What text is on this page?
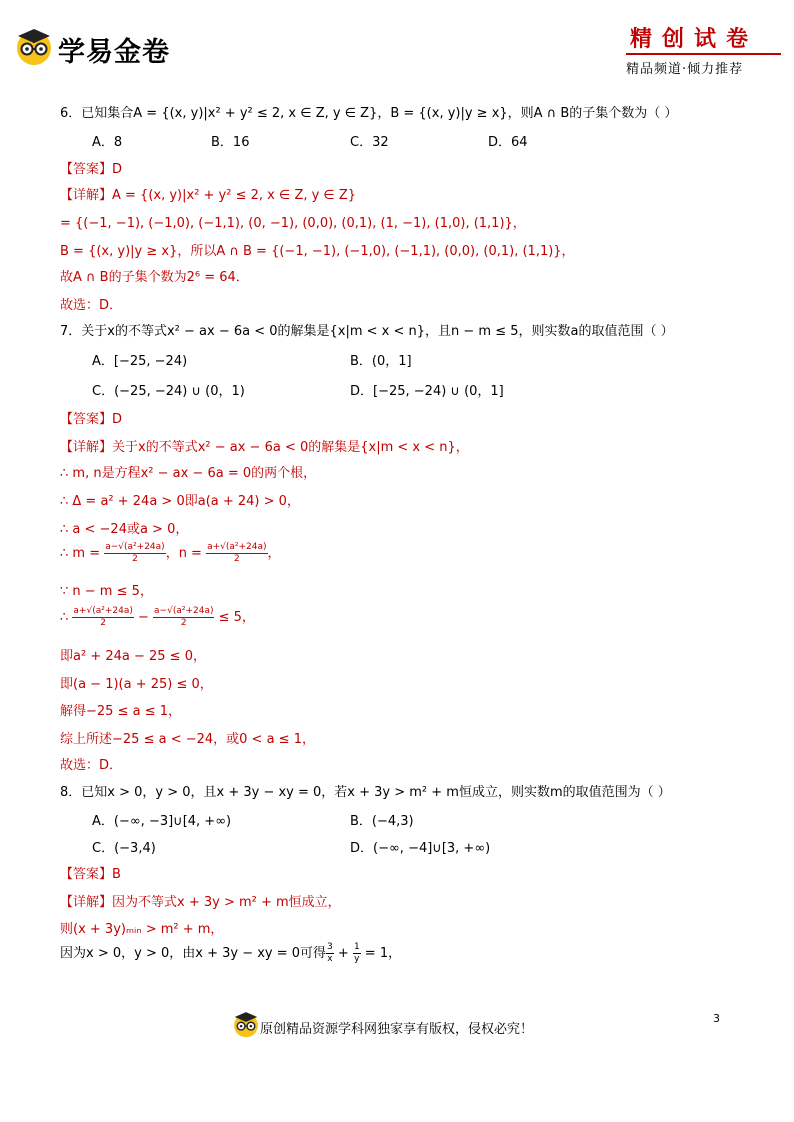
学易金卷	精创试卷
精品频道·倾力推荐
6．已知集合A = {(x, y)|x² + y² ≤ 2, x ∈ Z, y ∈ Z}，B = {(x, y)|y ≥ x}，则A ∩ B的子集个数为（ ）
A．8	B．16	C．32	D．64
【答案】D
【详解】A = {(x, y)|x² + y² ≤ 2, x ∈ Z, y ∈ Z}
= {(−1, −1), (−1,0), (−1,1), (0, −1), (0,0), (0,1), (1, −1), (1,0), (1,1)}，
B = {(x, y)|y ≥ x}，所以A ∩ B = {(−1, −1), (−1,0), (−1,1), (0,0), (0,1), (1,1)}，
故A ∩ B的子集个数为2⁶ = 64．
故选：D．
7．关于x的不等式x² − ax − 6a < 0的解集是{x|m < x < n}，且n − m ≤ 5，则实数a的取值范围（ ）
A．[−25, −24)	B．(0，1]
C．(−25, −24) ∪ (0，1)	D．[−25, −24) ∪ (0，1]
【答案】D
【详解】关于x的不等式x² − ax − 6a < 0的解集是{x|m < x < n}，
∴ m, n是方程x² − ax − 6a = 0的两个根，
∴ Δ = a² + 24a > 0即a(a + 24) > 0，
∴ a < −24或a > 0，
∴ $m = \frac{\text{a−√(a²+24a)}}{2}$ ，$n = \frac{\text{a+√(a²+24a)}}{2}$ ，
∵ n − m ≤ 5，
∴ $\frac{\text{a+√(a²+24a)}}{2} - \frac{\text{a−√(a²+24a)}}{2} \le 5$，
即a² + 24a − 25 ≤ 0，
即(a − 1)(a + 25) ≤ 0，
解得−25 ≤ a ≤ 1，
综上所述−25 ≤ a < −24，或0 < a ≤ 1，
故选：D．
8．已知x > 0，y > 0，且x + 3y − xy = 0，若x + 3y > m² + m恒成立，则实数m的取值范围为（ ）
A．(−∞, −3]∪[4, +∞)	B．(−4,3)
C．(−3,4)	D．(−∞, −4]∪[3, +∞)
【答案】B
【详解】因为不等式x + 3y > m² + m恒成立，
则(x + 3y)ₘᵢₙ > m² + m，
因为x > 0，y > 0，由x + 3y − xy = 0可得 $\frac{3}{x} + \frac{1}{y} = 1$，
原创精品资源学科网独家享有版权，侵权必究！
3
